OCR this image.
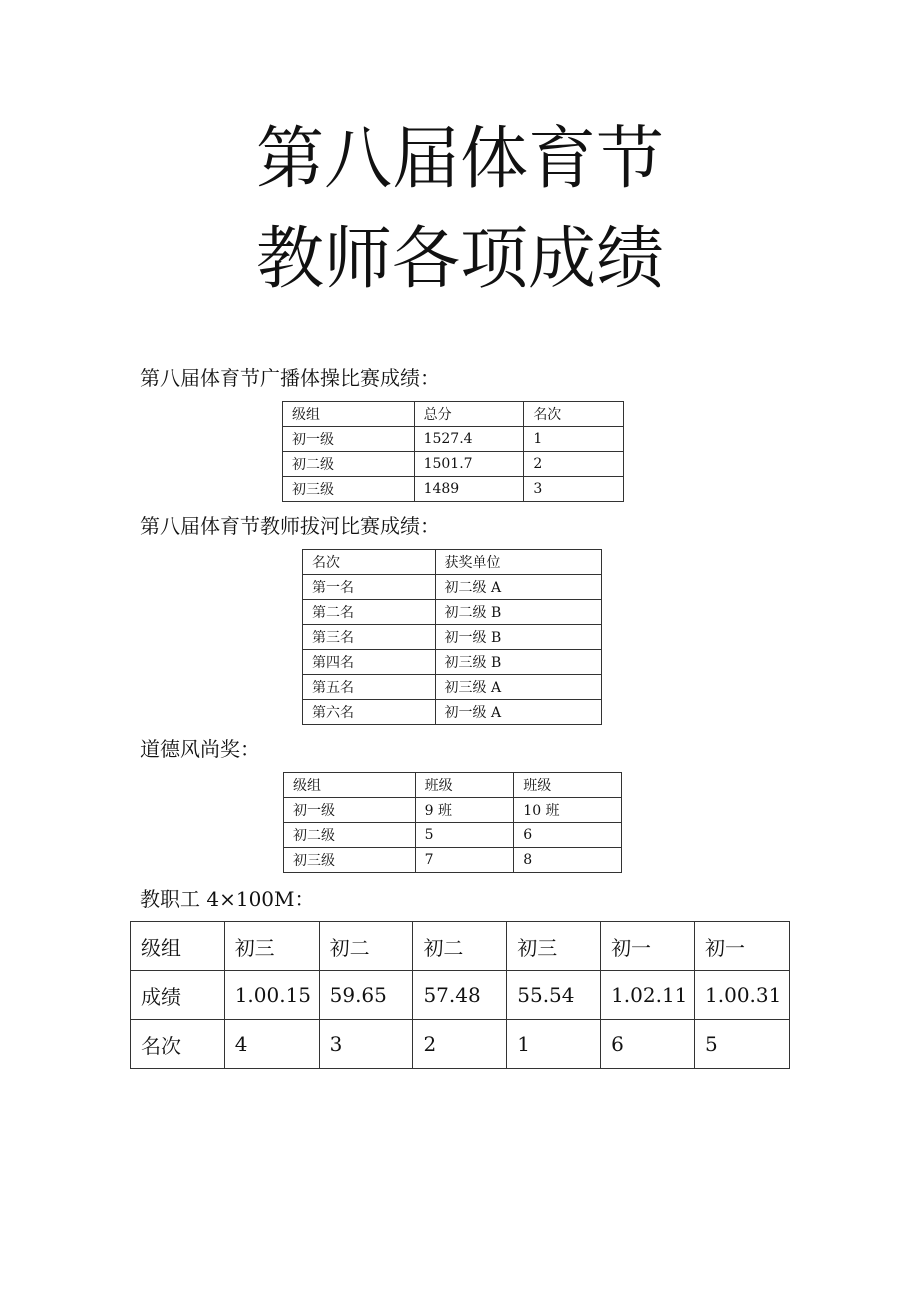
第八届体育节
教师各项成绩
第八届体育节广播体操比赛成绩：
级组	总分	名次
初一级	1527.4	1
初二级	1501.7	2
初三级	1489	3
第八届体育节教师拔河比赛成绩：
名次	获奖单位
第一名	初二级 A
第二名	初二级 B
第三名	初一级 B
第四名	初三级 B
第五名	初三级 A
第六名	初一级 A
道德风尚奖：
级组	班级	班级
初一级	9 班	10 班
初二级	5	6
初三级	7	8
教职工 4×100M：
级组	初三	初二	初二	初三	初一	初一
成绩	1.00.15	59.65	57.48	55.54	1.02.11	1.00.31
名次	4	3	2	1	6	5
